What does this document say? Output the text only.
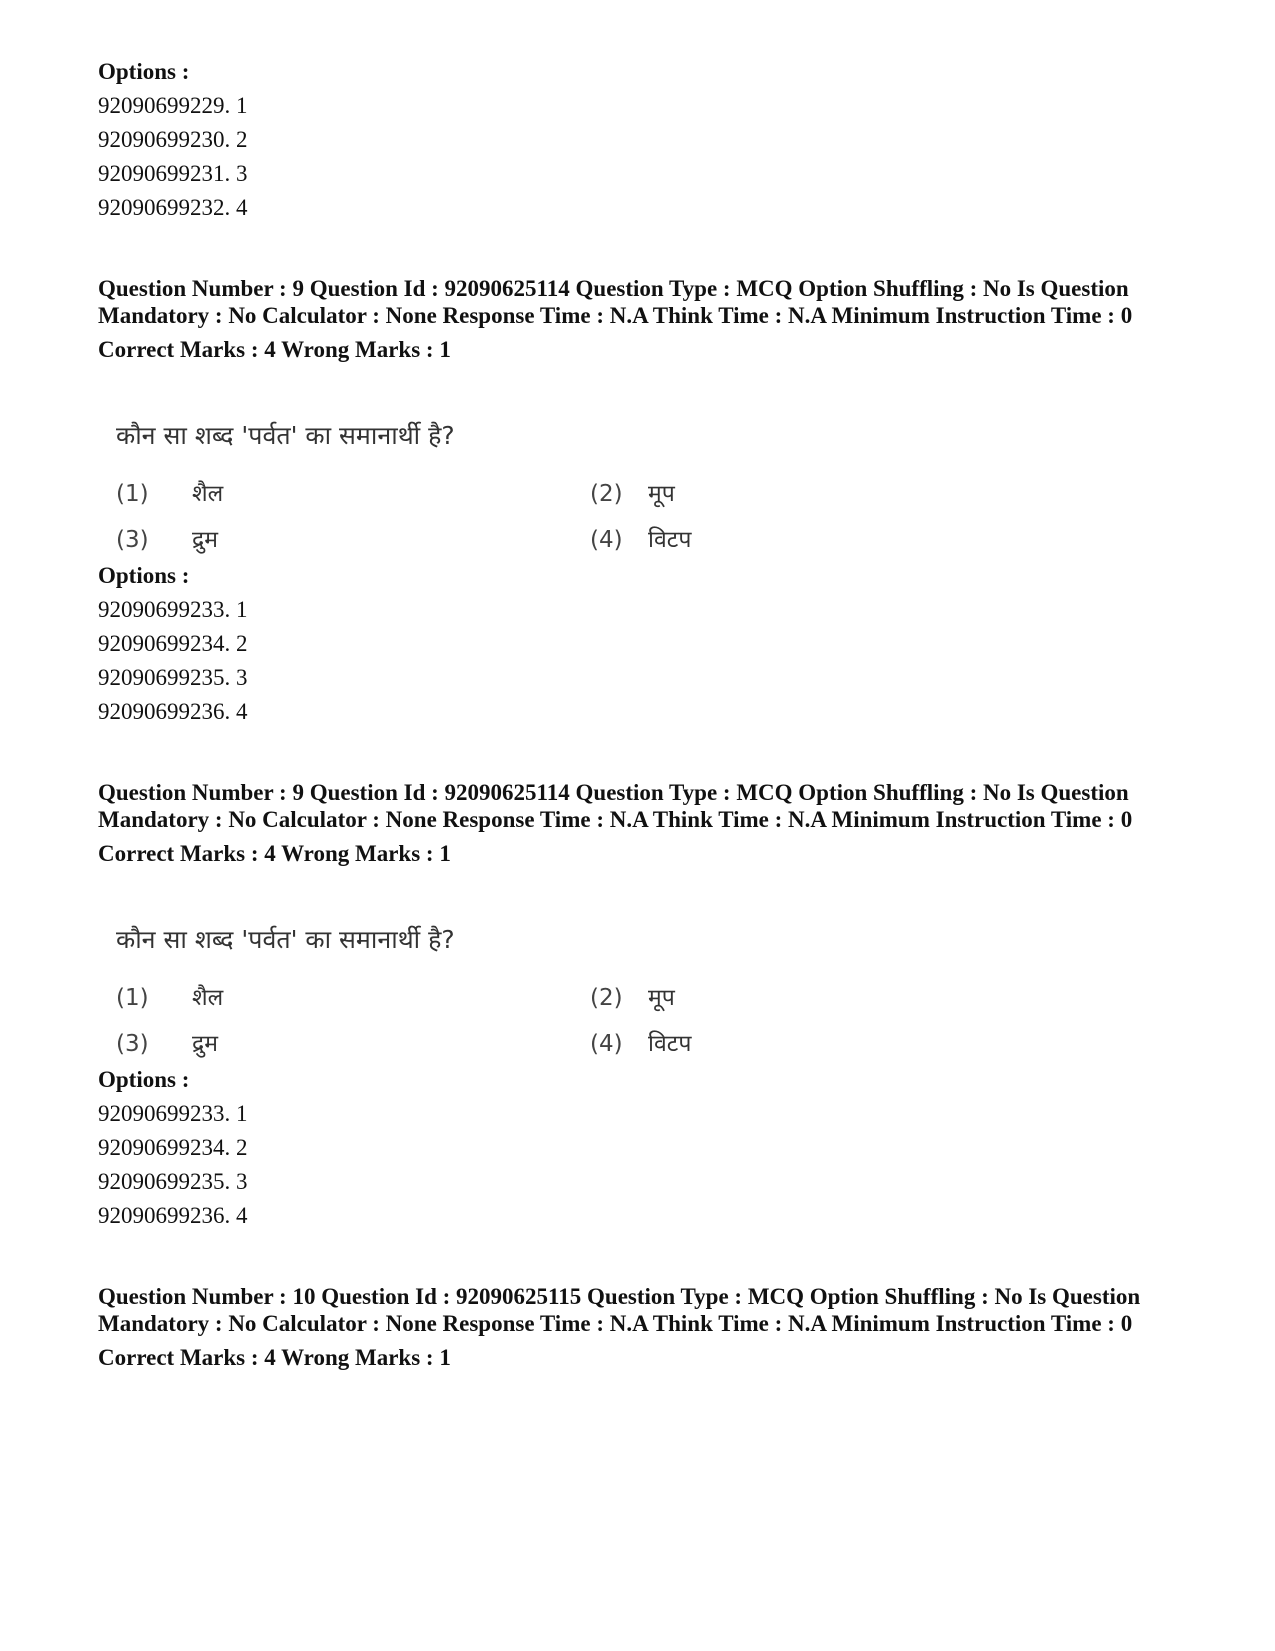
Options :
92090699229. 1
92090699230. 2
92090699231. 3
92090699232. 4

Question Number : 9 Question Id : 92090625114 Question Type : MCQ Option Shuffling : No Is Question Mandatory : No Calculator : None Response Time : N.A Think Time : N.A Minimum Instruction Time : 0

Correct Marks : 4 Wrong Marks : 1
कौन सा शब्द 'पर्वत' का समानार्थी है?
(1) शैल	(2) मूप
(3) द्रुम	(4) विटप
Options :
92090699233. 1
92090699234. 2
92090699235. 3
92090699236. 4

Question Number : 9 Question Id : 92090625114 Question Type : MCQ Option Shuffling : No Is Question Mandatory : No Calculator : None Response Time : N.A Think Time : N.A Minimum Instruction Time : 0

Correct Marks : 4 Wrong Marks : 1
कौन सा शब्द 'पर्वत' का समानार्थी है?
(1) शैल	(2) मूप
(3) द्रुम	(4) विटप
Options :
92090699233. 1
92090699234. 2
92090699235. 3
92090699236. 4

Question Number : 10 Question Id : 92090625115 Question Type : MCQ Option Shuffling : No Is Question Mandatory : No Calculator : None Response Time : N.A Think Time : N.A Minimum Instruction Time : 0

Correct Marks : 4 Wrong Marks : 1
